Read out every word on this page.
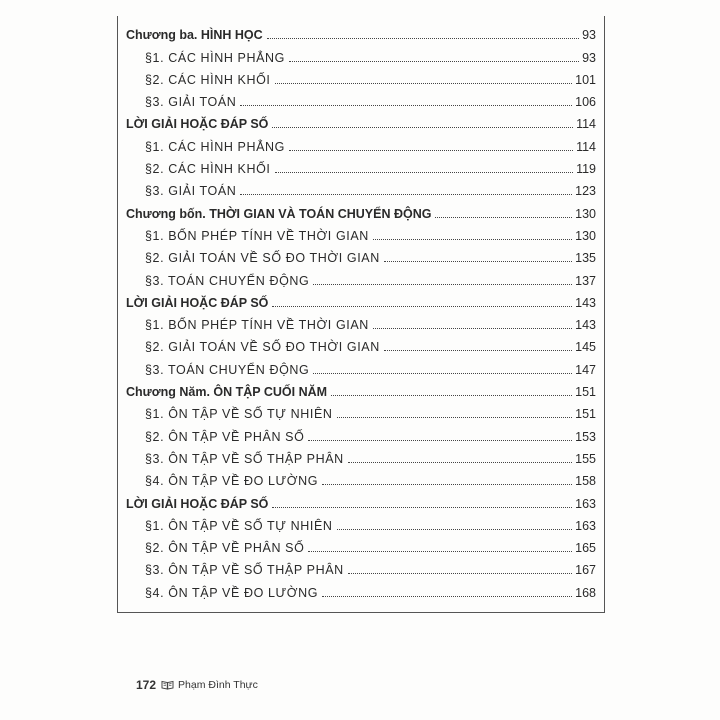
Chương ba. HÌNH HỌC	93
§1. CÁC HÌNH PHẲNG	93
§2. CÁC HÌNH KHỐI	101
§3. GIẢI TOÁN	106
LỜI GIẢI HOẶC ĐÁP SỐ	114
§1. CÁC HÌNH PHẲNG	114
§2. CÁC HÌNH KHỐI	119
§3. GIẢI TOÁN	123
Chương bốn. THỜI GIAN VÀ TOÁN CHUYỂN ĐỘNG	130
§1. BỐN PHÉP TÍNH VỀ THỜI GIAN	130
§2. GIẢI TOÁN VỀ SỐ ĐO THỜI GIAN	135
§3. TOÁN CHUYỂN ĐỘNG	137
LỜI GIẢI HOẶC ĐÁP SỐ	143
§1. BỐN PHÉP TÍNH VỀ THỜI GIAN	143
§2. GIẢI TOÁN VỀ SỐ ĐO THỜI GIAN	145
§3. TOÁN CHUYỂN ĐỘNG	147
Chương Năm. ÔN TẬP CUỐI NĂM	151
§1. ÔN TẬP VỀ SỐ TỰ NHIÊN	151
§2. ÔN TẬP VỀ PHÂN SỐ	153
§3. ÔN TẬP VỀ SỐ THẬP PHÂN	155
§4. ÔN TẬP VỀ ĐO LƯỜNG	158
LỜI GIẢI HOẶC ĐÁP SỐ	163
§1. ÔN TẬP VỀ SỐ TỰ NHIÊN	163
§2. ÔN TẬP VỀ PHÂN SỐ	165
§3. ÔN TẬP VỀ SỐ THẬP PHÂN	167
§4. ÔN TẬP VỀ ĐO LƯỜNG	168
172 Phạm Đình Thực
